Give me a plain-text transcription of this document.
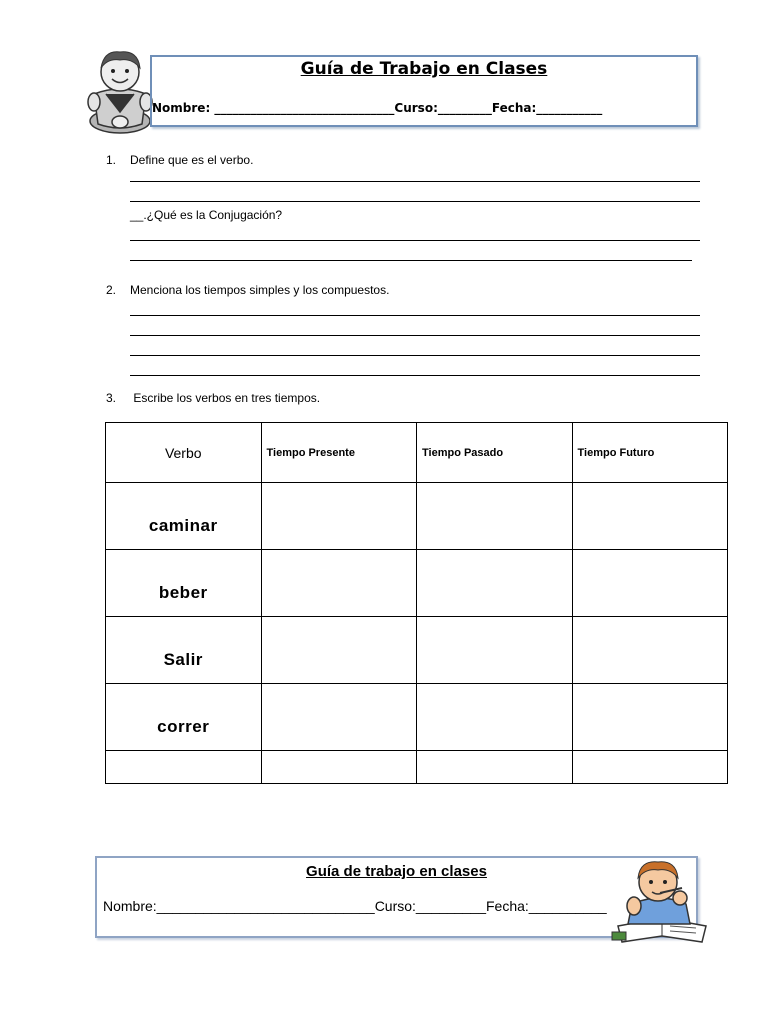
Guía de Trabajo en Clases
Nombre: ______________________________Curso:_________Fecha:___________
1. Define que es el verbo.
__.¿Qué es la Conjugación?
2. Menciona los tiempos simples y los compuestos.
3. Escribe los verbos en tres tiempos.
Verbo	Tiempo Presente	Tiempo Pasado	Tiempo Futuro
caminar			
beber			
Salir			
correr			

Guía de trabajo en clases
Nombre:____________________________Curso:_________Fecha:__________
